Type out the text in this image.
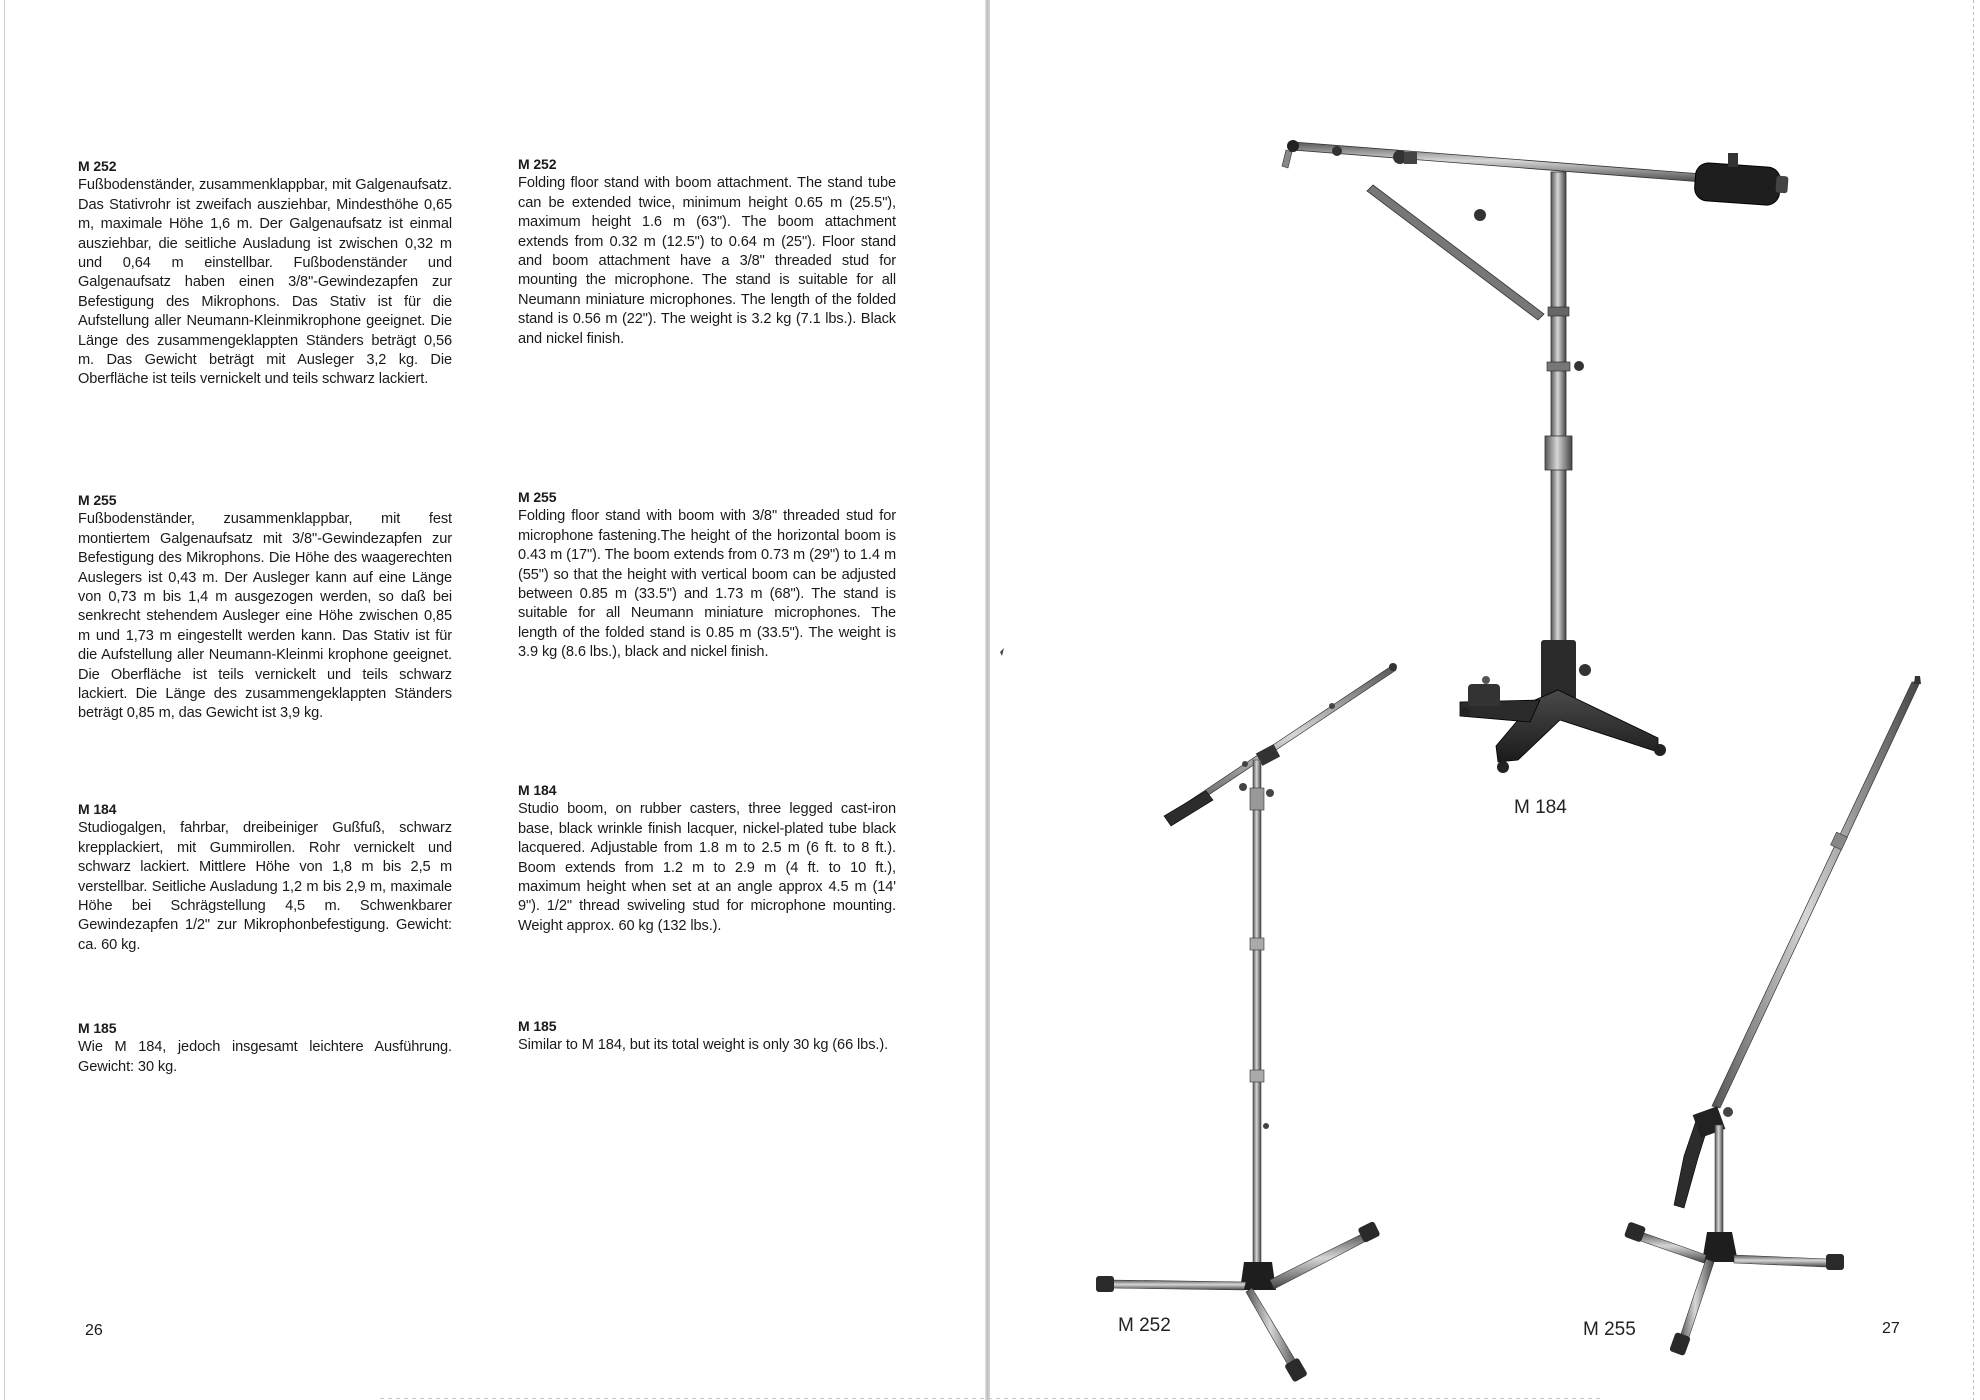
M 252
Fußbodenständer, zusammenklappbar, mit Galgenaufsatz. Das Stativrohr ist zweifach ausziehbar, Mindesthöhe 0,65 m, maximale Höhe 1,6 m. Der Galgenaufsatz ist einmal ausziehbar, die seitliche Ausladung ist zwischen 0,32 m und 0,64 m einstellbar. Fußbodenständer und Galgenaufsatz haben einen 3/8"-Gewindezapfen zur Befestigung des Mikrophons. Das Stativ ist für die Aufstellung aller Neumann-Kleinmikrophone geeignet. Die Länge des zusammengeklappten Ständers beträgt 0,56 m. Das Gewicht beträgt mit Ausleger 3,2 kg. Die Oberfläche ist teils vernickelt und teils schwarz lackiert.
M 255
Fußbodenständer, zusammenklappbar, mit fest montiertem Galgenaufsatz mit 3/8"-Gewindezapfen zur Befestigung des Mikrophons. Die Höhe des waagerechten Auslegers ist 0,43 m. Der Ausleger kann auf eine Länge von 0,73 m bis 1,4 m ausgezogen werden, so daß bei senkrecht stehendem Ausleger eine Höhe zwischen 0,85 m und 1,73 m eingestellt werden kann. Das Stativ ist für die Aufstellung aller Neumann-Kleinmi krophone geeignet. Die Oberfläche ist teils vernickelt und teils schwarz lackiert. Die Länge des zusammengeklappten Ständers beträgt 0,85 m, das Gewicht ist 3,9 kg.
M 184
Studiogalgen, fahrbar, dreibeiniger Gußfuß, schwarz krepplackiert, mit Gummirollen. Rohr vernickelt und schwarz lackiert. Mittlere Höhe von 1,8 m bis 2,5 m verstellbar. Seitliche Ausladung 1,2 m bis 2,9 m, maximale Höhe bei Schrägstellung 4,5 m. Schwenkbarer Gewindezapfen 1/2" zur Mikrophonbefestigung. Gewicht: ca. 60 kg.
M 185
Wie M 184, jedoch insgesamt leichtere Ausführung. Gewicht: 30 kg.
M 252
Folding floor stand with boom attachment. The stand tube can be extended twice, minimum height 0.65 m (25.5"), maximum height 1.6 m (63"). The boom attachment extends from 0.32 m (12.5") to 0.64 m (25"). Floor stand and boom attachment have a 3/8" threaded stud for mounting the microphone. The stand is suitable for all Neumann miniature microphones. The length of the folded stand is 0.56 m (22"). The weight is 3.2 kg (7.1 lbs.). Black and nickel finish.
M 255
Folding floor stand with boom with 3/8" threaded stud for microphone fastening.The height of the horizontal boom is 0.43 m (17"). The boom extends from 0.73 m (29") to 1.4 m (55") so that the height with vertical boom can be adjusted between 0.85 m (33.5") and 1.73 m (68"). The stand is suitable for all Neumann miniature microphones. The length of the folded stand is 0.85 m (33.5"). The weight is 3.9 kg (8.6 lbs.), black and nickel finish.
M 184
Studio boom, on rubber casters, three legged cast-iron base, black wrinkle finish lacquer, nickel-plated tube black lacquered. Adjustable from 1.8 m to 2.5 m (6 ft. to 8 ft.). Boom extends from 1.2 m to 2.9 m (4 ft. to 10 ft.), maximum height when set at an angle approx 4.5 m (14' 9"). 1/2" thread swiveling stud for microphone mounting. Weight approx. 60 kg (132 lbs.).
M 185
Similar to M 184, but its total weight is only 30 kg (66 lbs.).
26
M 184
M 252	M 255	27
